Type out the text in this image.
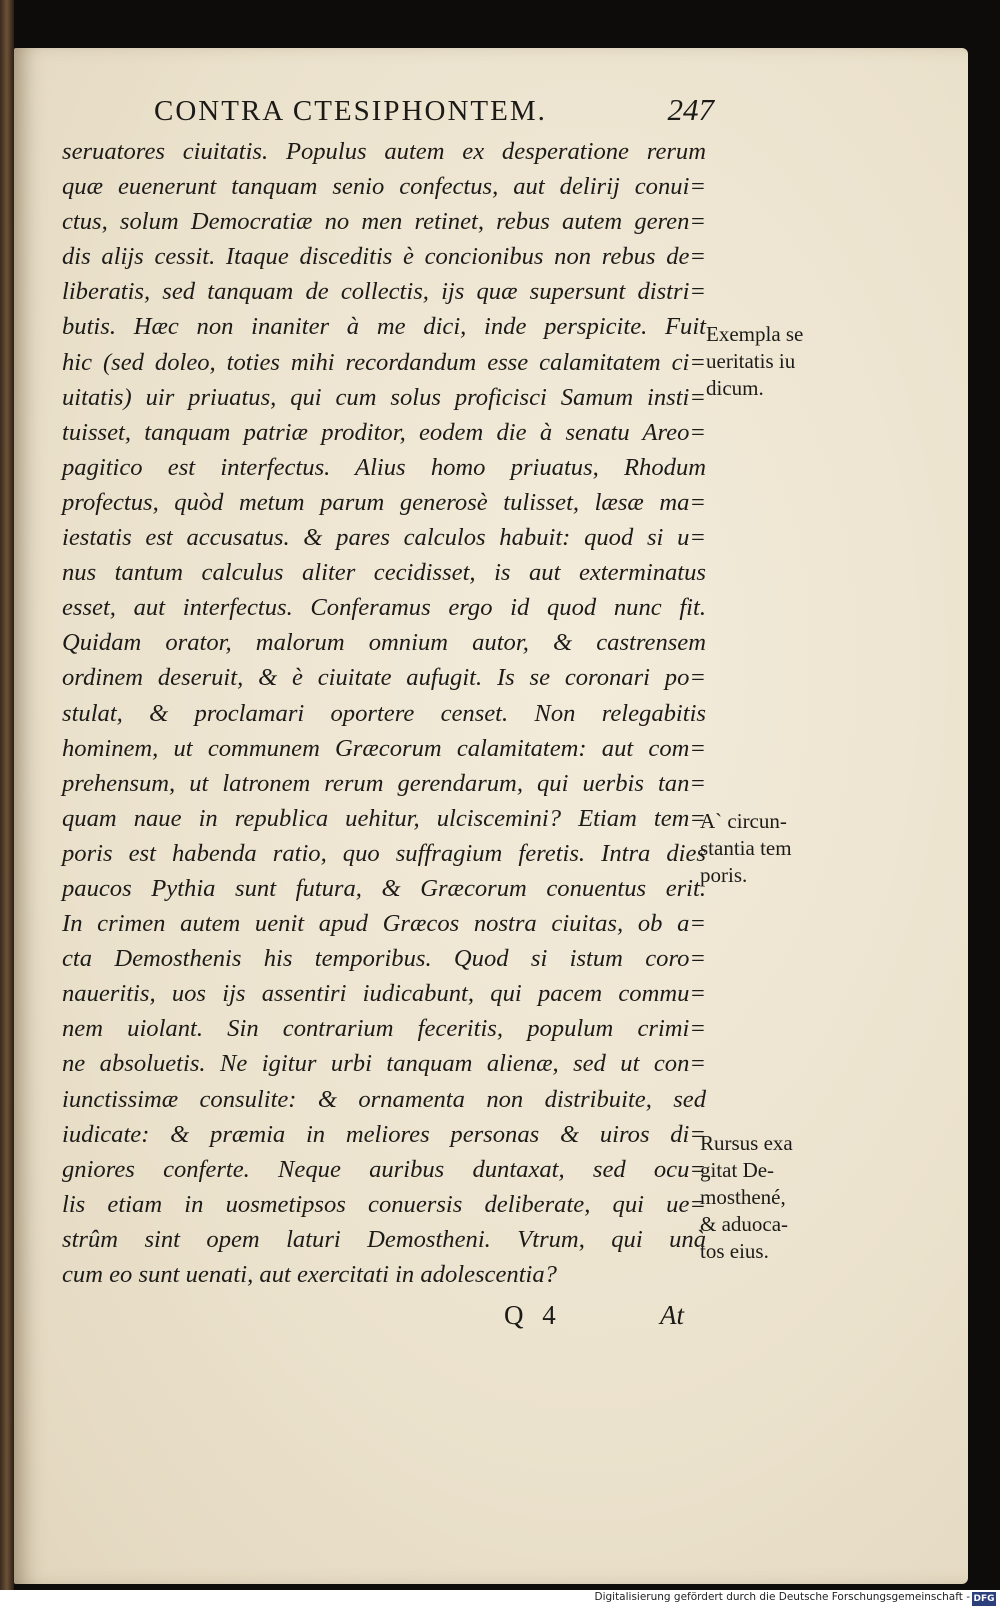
CONTRA CTESIPHONTEM.	247
seruatores ciuitatis. Populus autem ex desperatione rerum
quæ euenerunt tanquam senio confectus, aut delirij conui=
ctus, solum Democratiæ no men retinet, rebus autem geren=
dis alijs cessit. Itaque disceditis è concionibus non rebus de=
liberatis, sed tanquam de collectis, ijs quæ supersunt distri=
butis. Hæc non inaniter à me dici, inde perspicite. Fuit
hic (sed doleo, toties mihi recordandum esse calamitatem ci=
uitatis) uir priuatus, qui cum solus proficisci Samum insti=
tuisset, tanquam patriæ proditor, eodem die à senatu Areo=
pagitico est interfectus. Alius homo priuatus, Rhodum
profectus, quòd metum parum generosè tulisset, læsæ ma=
iestatis est accusatus. & pares calculos habuit: quod si u=
nus tantum calculus aliter cecidisset, is aut exterminatus
esset, aut interfectus. Conferamus ergo id quod nunc fit.
Quidam orator, malorum omnium autor, & castrensem
ordinem deseruit, & è ciuitate aufugit. Is se coronari po=
stulat, & proclamari oportere censet. Non relegabitis
hominem, ut communem Græcorum calamitatem: aut com=
prehensum, ut latronem rerum gerendarum, qui uerbis tan=
quam naue in republica uehitur, ulciscemini? Etiam tem=
poris est habenda ratio, quo suffragium feretis. Intra dies
paucos Pythia sunt futura, & Græcorum conuentus erit.
In crimen autem uenit apud Græcos nostra ciuitas, ob a=
cta Demosthenis his temporibus. Quod si istum coro=
naueritis, uos ijs assentiri iudicabunt, qui pacem commu=
nem uiolant. Sin contrarium feceritis, populum crimi=
ne absoluetis. Ne igitur urbi tanquam alienæ, sed ut con=
iunctissimæ consulite: & ornamenta non distribuite, sed
iudicate: & præmia in meliores personas & uiros di=
gniores conferte. Neque auribus duntaxat, sed ocu=
lis etiam in uosmetipsos conuersis deliberate, qui ue=
strûm sint opem laturi Demostheni. Vtrum, qui unà
cum eo sunt uenati, aut exercitati in adolescentia?
Exempla se
ueritatis iu
dicum.
A` circun-
stantia tem
poris.
Rursus exa
gitat De-
mosthené,
& aduoca-
tos eius.
Q 4	At
Digitalisierung gefördert durch die Deutsche Forschungsgemeinschaft - DFG
